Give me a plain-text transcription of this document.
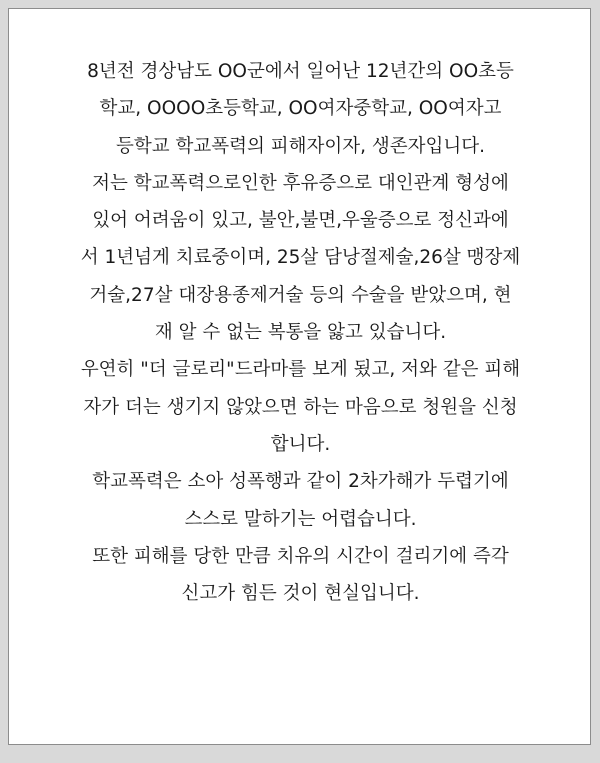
8년전 경상남도 OO군에서 일어난 12년간의 OO초등
학교, OOOO초등학교, OO여자중학교, OO여자고
등학교 학교폭력의 피해자이자, 생존자입니다.
저는 학교폭력으로인한 후유증으로 대인관계 형성에
있어 어려움이 있고, 불안,불면,우울증으로 정신과에
서 1년넘게 치료중이며, 25살 담낭절제술,26살 맹장제
거술,27살 대장용종제거술 등의 수술을 받았으며, 현
재 알 수 없는 복통을 앓고 있습니다.
우연히 "더 글로리"드라마를 보게 됬고, 저와 같은 피해
자가 더는 생기지 않았으면 하는 마음으로 청원을 신청
합니다.
학교폭력은 소아 성폭행과 같이 2차가해가 두렵기에
스스로 말하기는 어렵습니다.
또한 피해를 당한 만큼 치유의 시간이 걸리기에 즉각
신고가 힘든 것이 현실입니다.
